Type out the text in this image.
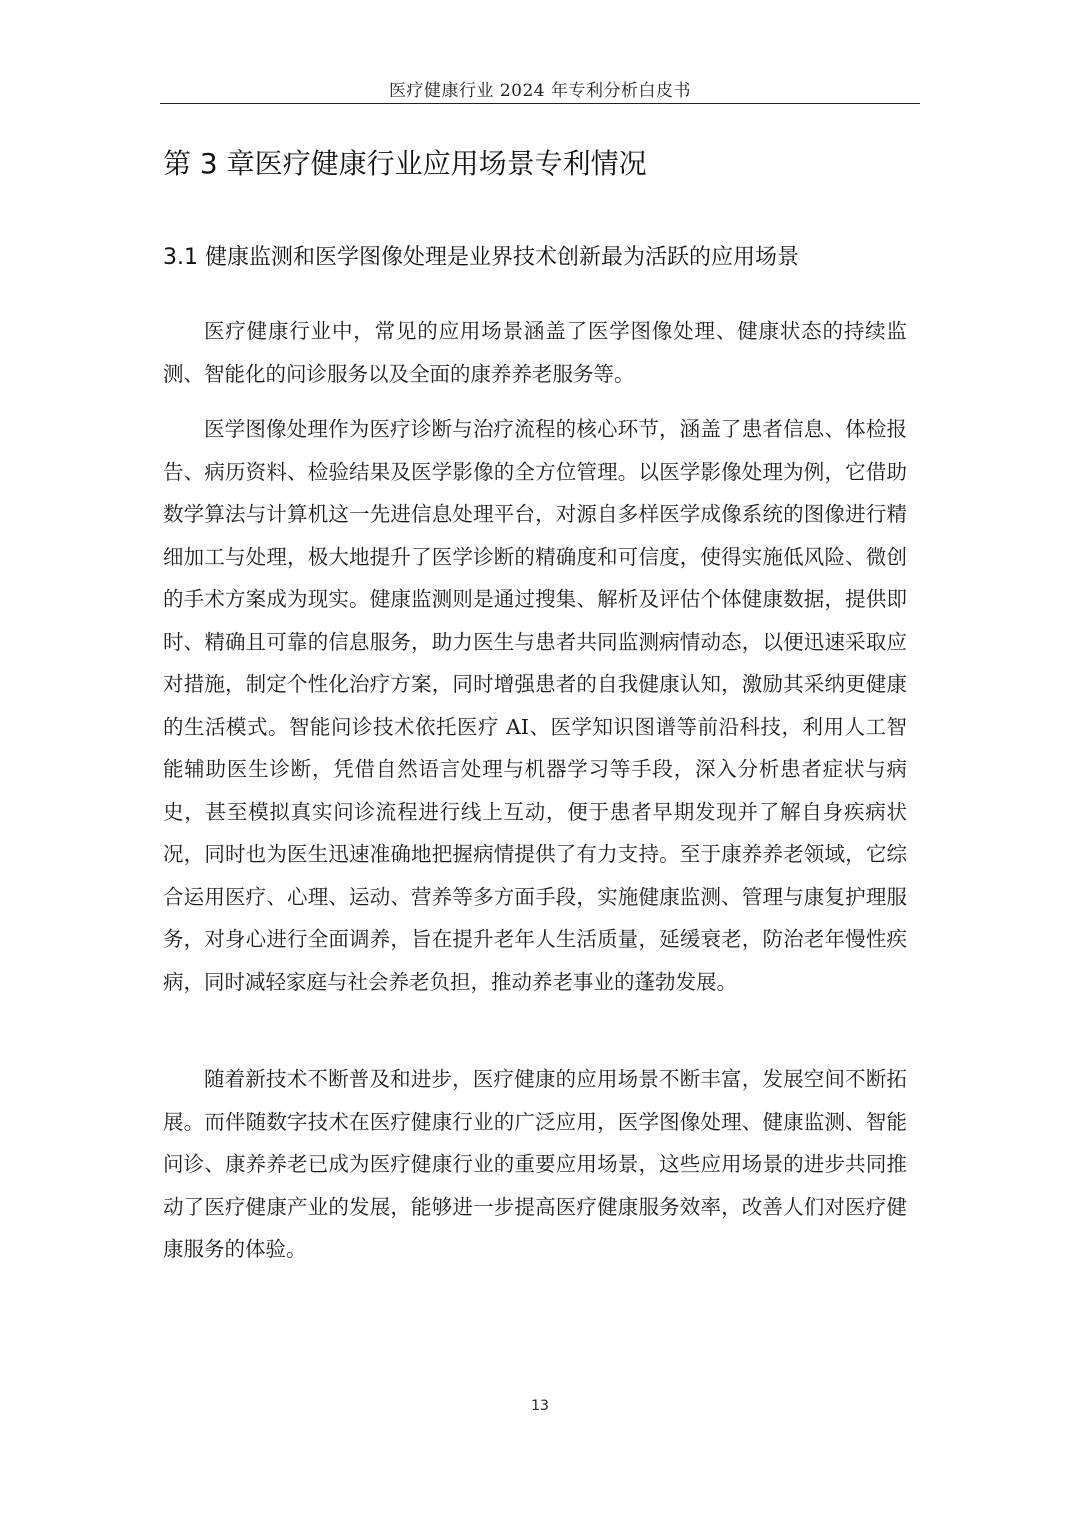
医疗健康行业 2024 年专利分析白皮书
第 3 章医疗健康行业应用场景专利情况
3.1 健康监测和医学图像处理是业界技术创新最为活跃的应用场景

医疗健康行业中，常见的应用场景涵盖了医学图像处理、健康状态的持续监测、智能化的问诊服务以及全面的康养养老服务等。

医学图像处理作为医疗诊断与治疗流程的核心环节，涵盖了患者信息、体检报告、病历资料、检验结果及医学影像的全方位管理。以医学影像处理为例，它借助数学算法与计算机这一先进信息处理平台，对源自多样医学成像系统的图像进行精细加工与处理，极大地提升了医学诊断的精确度和可信度，使得实施低风险、微创的手术方案成为现实。健康监测则是通过搜集、解析及评估个体健康数据，提供即时、精确且可靠的信息服务，助力医生与患者共同监测病情动态，以便迅速采取应对措施，制定个性化治疗方案，同时增强患者的自我健康认知，激励其采纳更健康的生活模式。智能问诊技术依托医疗 AI、医学知识图谱等前沿科技，利用人工智能辅助医生诊断，凭借自然语言处理与机器学习等手段，深入分析患者症状与病史，甚至模拟真实问诊流程进行线上互动，便于患者早期发现并了解自身疾病状况，同时也为医生迅速准确地把握病情提供了有力支持。至于康养养老领域，它综合运用医疗、心理、运动、营养等多方面手段，实施健康监测、管理与康复护理服务，对身心进行全面调养，旨在提升老年人生活质量，延缓衰老，防治老年慢性疾病，同时减轻家庭与社会养老负担，推动养老事业的蓬勃发展。

随着新技术不断普及和进步，医疗健康的应用场景不断丰富，发展空间不断拓展。而伴随数字技术在医疗健康行业的广泛应用，医学图像处理、健康监测、智能问诊、康养养老已成为医疗健康行业的重要应用场景，这些应用场景的进步共同推动了医疗健康产业的发展，能够进一步提高医疗健康服务效率，改善人们对医疗健康服务的体验。

13
